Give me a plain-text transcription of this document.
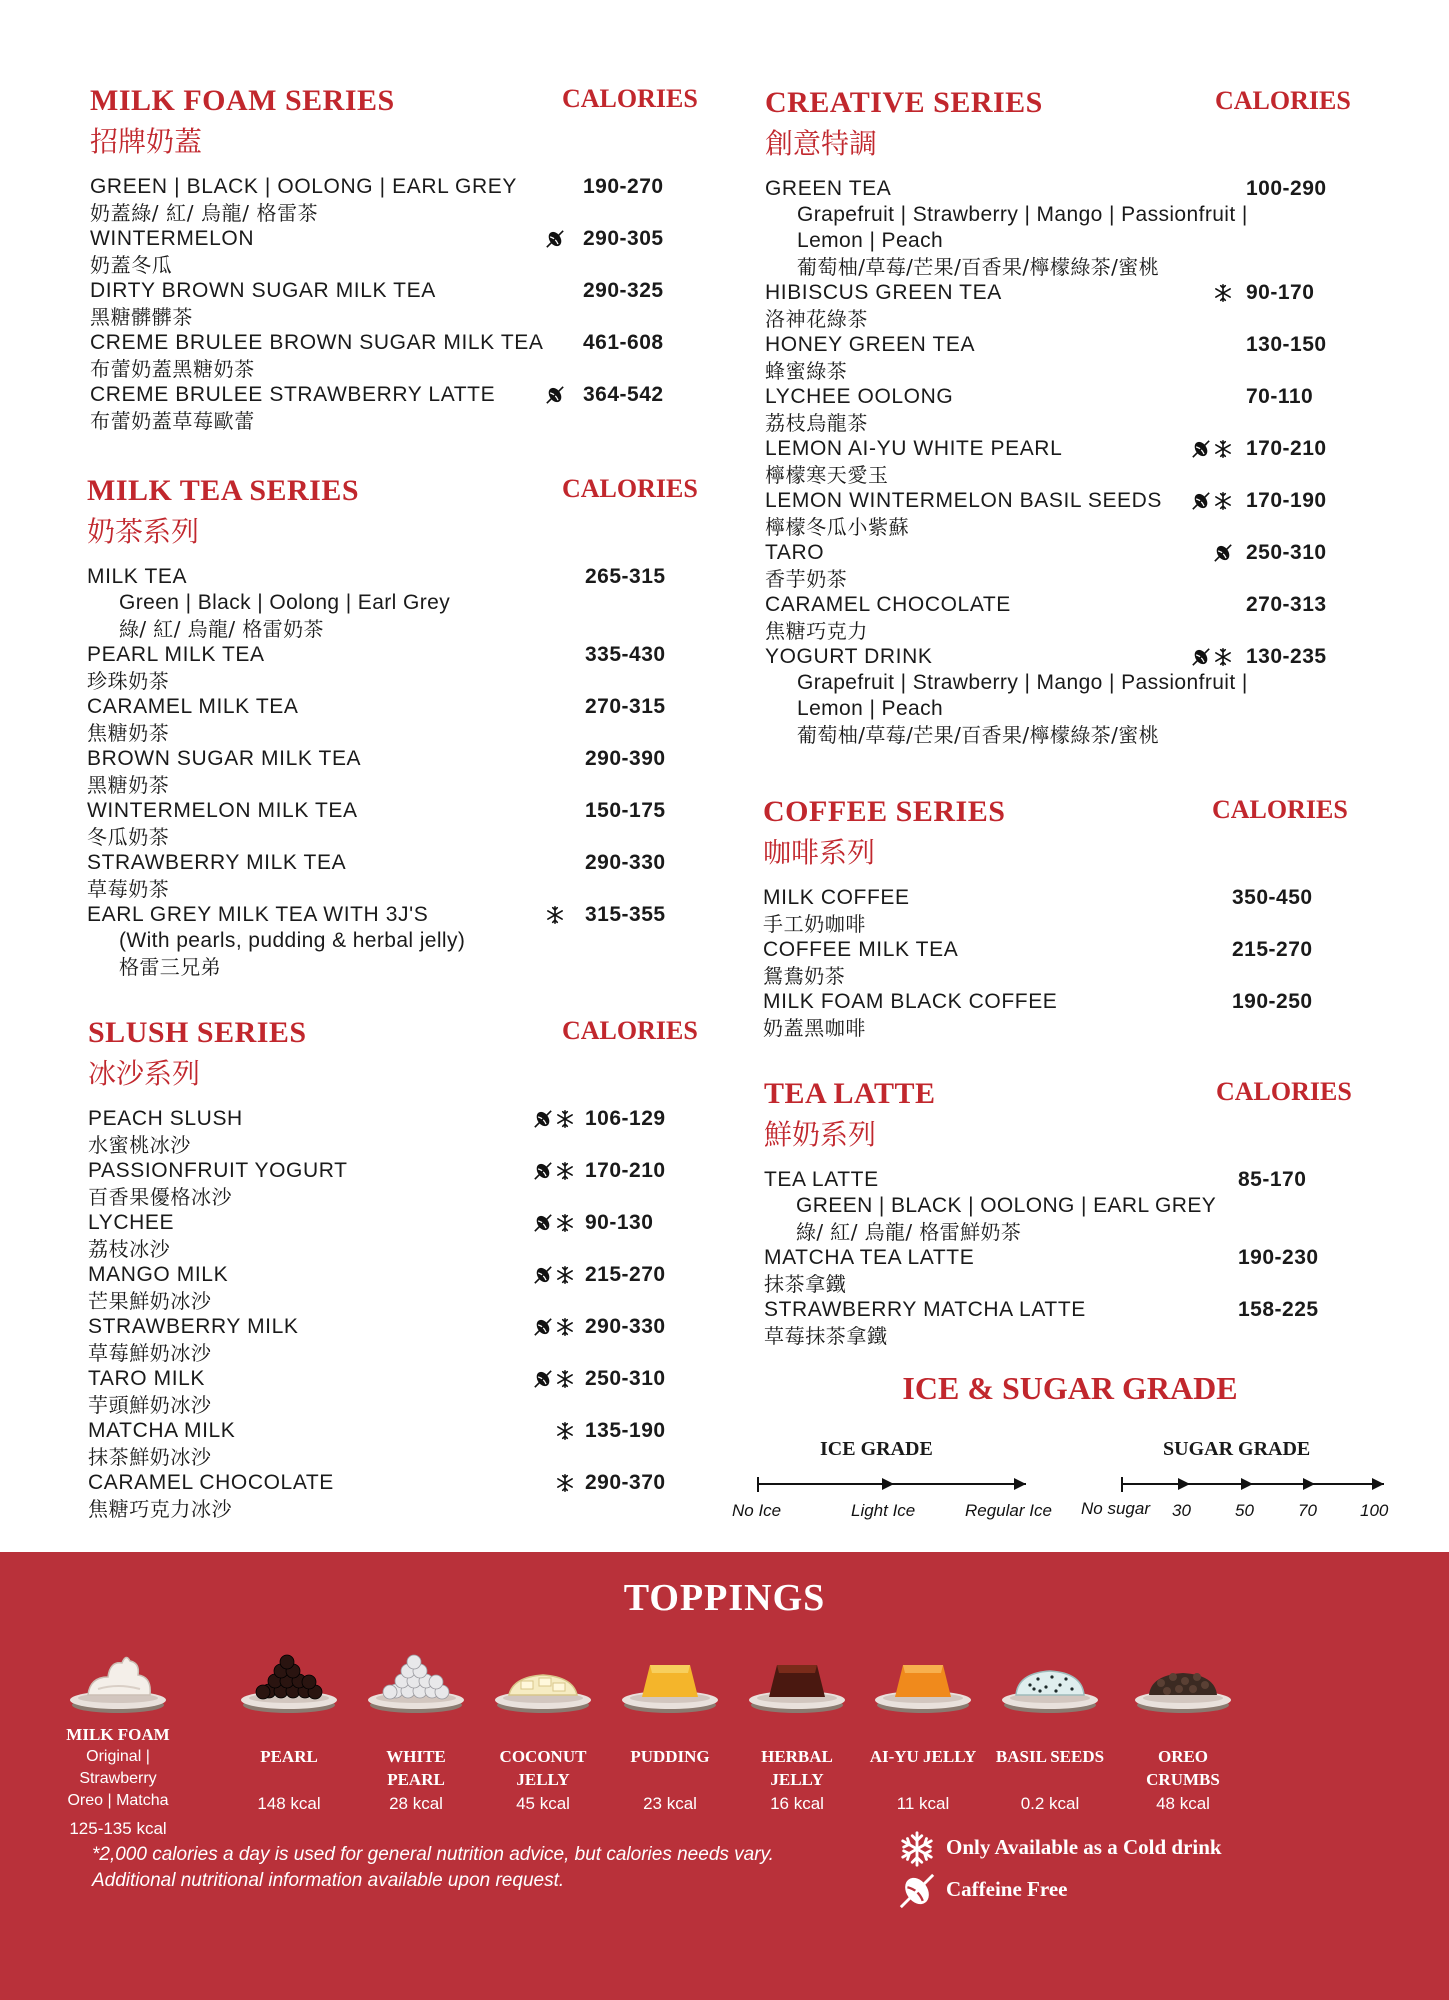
MILK FOAM SERIES
招牌奶蓋
CALORIES
GREEN | BLACK | OOLONG | EARL GREY	190-270
奶蓋綠/ 紅/ 烏龍/ 格雷茶
WINTERMELON	290-305
奶蓋冬瓜
DIRTY BROWN SUGAR MILK TEA	290-325
黑糖髒髒茶
CREME BRULEE BROWN SUGAR MILK TEA 461-608
布蕾奶蓋黑糖奶茶
CREME BRULEE STRAWBERRY LATTE	364-542
布蕾奶蓋草莓歐蕾
MILK TEA SERIES
奶茶系列
CALORIES
MILK TEA	265-315
Green | Black | Oolong | Earl Grey
綠/ 紅/ 烏龍/ 格雷奶茶
PEARL MILK TEA	335-430
珍珠奶茶
CARAMEL MILK TEA	270-315
焦糖奶茶
BROWN SUGAR MILK TEA	290-390
黑糖奶茶
WINTERMELON MILK TEA	150-175
冬瓜奶茶
STRAWBERRY MILK TEA	290-330
草莓奶茶
EARL GREY MILK TEA WITH 3J'S	315-355
(With pearls, pudding & herbal jelly)
格雷三兄弟
SLUSH SERIES
冰沙系列
CALORIES
PEACH SLUSH	106-129
水蜜桃冰沙
PASSIONFRUIT YOGURT	170-210
百香果優格冰沙
LYCHEE	90-130
荔枝冰沙
MANGO MILK	215-270
芒果鮮奶冰沙
STRAWBERRY MILK	290-330
草莓鮮奶冰沙
TARO MILK	250-310
芋頭鮮奶冰沙
MATCHA MILK	135-190
抹茶鮮奶冰沙
CARAMEL CHOCOLATE	290-370
焦糖巧克力冰沙
CREATIVE SERIES
創意特調
CALORIES
GREEN TEA	100-290
Grapefruit | Strawberry | Mango | Passionfruit |
Lemon | Peach
葡萄柚/草莓/芒果/百香果/檸檬綠茶/蜜桃
HIBISCUS GREEN TEA	90-170
洛神花綠茶
HONEY GREEN TEA	130-150
蜂蜜綠茶
LYCHEE OOLONG	70-110
荔枝烏龍茶
LEMON AI-YU WHITE PEARL	170-210
檸檬寒天愛玉
LEMON WINTERMELON BASIL SEEDS	170-190
檸檬冬瓜小紫蘇
TARO	250-310
香芋奶茶
CARAMEL CHOCOLATE	270-313
焦糖巧克力
YOGURT DRINK	130-235
Grapefruit | Strawberry | Mango | Passionfruit |
Lemon | Peach
葡萄柚/草莓/芒果/百香果/檸檬綠茶/蜜桃
COFFEE SERIES
咖啡系列
CALORIES
MILK COFFEE	350-450
手工奶咖啡
COFFEE MILK TEA	215-270
鴛鴦奶茶
MILK FOAM BLACK COFFEE	190-250
奶蓋黑咖啡
TEA LATTE
鮮奶系列
CALORIES
TEA LATTE	85-170
GREEN | BLACK | OOLONG | EARL GREY
綠/ 紅/ 烏龍/ 格雷鮮奶茶
MATCHA TEA LATTE	190-230
抹茶拿鐵
STRAWBERRY MATCHA LATTE	158-225
草莓抹茶拿鐵
ICE & SUGAR GRADE
ICE GRADE	SUGAR GRADE
No Ice	Light Ice	Regular Ice No sugar 30	50	70	100
TOPPINGS
MILK FOAM
Original | Strawberry
Oreo | Matcha
125-135 kcal
PEARL
148 kcal
WHITE PEARL
28 kcal
COCONUT JELLY
45 kcal
PUDDING
23 kcal
HERBAL JELLY
16 kcal
AI-YU JELLY
11 kcal
BASIL SEEDS
0.2 kcal
OREO CRUMBS
48 kcal
*2,000 calories a day is used for general nutrition advice, but calories needs vary.
Additional nutritional information available upon request.
Only Available as a Cold drink
Caffeine Free
